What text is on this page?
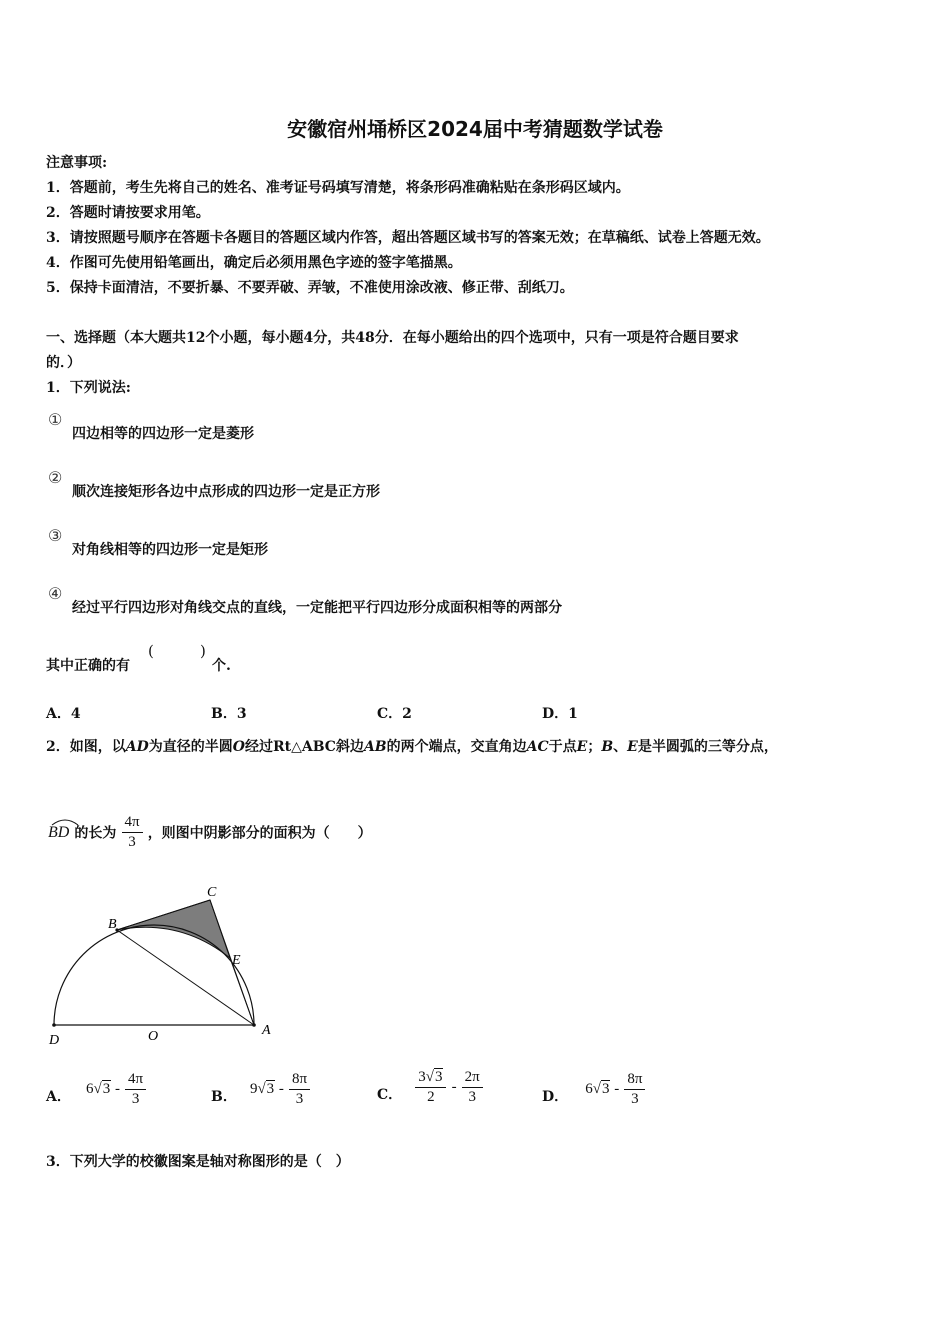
安徽宿州埇桥区2024届中考猜题数学试卷
注意事项:
1．答题前，考生先将自己的姓名、准考证号码填写清楚，将条形码准确粘贴在条形码区域内。
2．答题时请按要求用笔。
3．请按照题号顺序在答题卡各题目的答题区域内作答，超出答题区域书写的答案无效；在草稿纸、试卷上答题无效。
4．作图可先使用铅笔画出，确定后必须用黑色字迹的签字笔描黑。
5．保持卡面清洁，不要折暴、不要弄破、弄皱，不准使用涂改液、修正带、刮纸刀。
一、选择题（本大题共12个小题，每小题4分，共48分．在每小题给出的四个选项中，只有一项是符合题目要求
的．）
1．下列说法:
①
四边相等的四边形一定是菱形
②
顺次连接矩形各边中点形成的四边形一定是正方形
③
对角线相等的四边形一定是矩形
④
经过平行四边形对角线交点的直线，一定能把平行四边形分成面积相等的两部分
其中正确的有
(	)
个.
A．4	B．3	C．2	D．1
2．如图，以AD为直径的半圆O经过Rt△ABC斜边AB的两个端点，交直角边AC于点E；B、E是半圆弧的三等分点，
BD 的长为 $\frac{4\pi}{3}$ ，则图中阴影部分的面积为（　　）
B
C
E
D	O	A
A． $6√3 - \frac{4\pi}{3}$	B． $9√3 - \frac{8\pi}{3}$	C． $\frac{3√3}{2} - \frac{2\pi}{3}$	D． $6√3 - \frac{8\pi}{3}$
3．下列大学的校徽图案是轴对称图形的是（　）
